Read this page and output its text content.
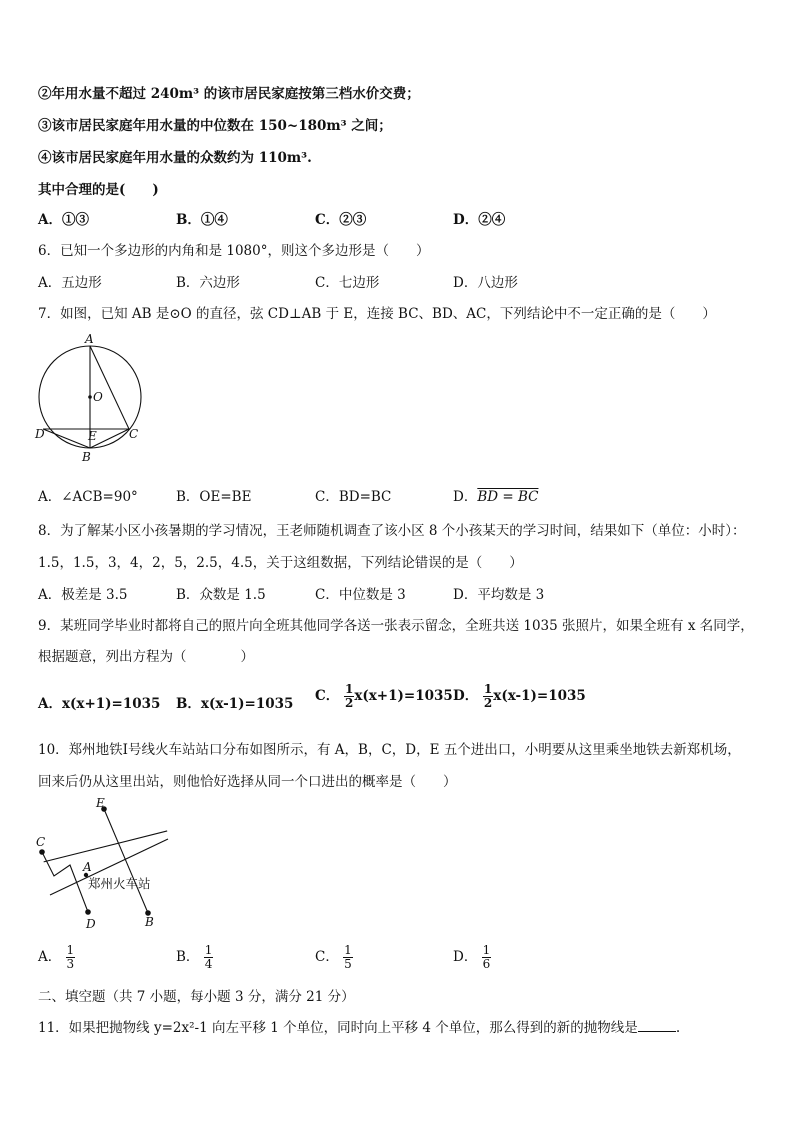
②年用水量不超过 240m³ 的该市居民家庭按第三档水价交费；
③该市居民家庭年用水量的中位数在 150~180m³ 之间；
④该市居民家庭年用水量的众数约为 110m³.
其中合理的是(　　)
A．①③	B．①④	C．②③	D．②④
6．已知一个多边形的内角和是 1080°，则这个多边形是（　　）
A．五边形	B．六边形	C．七边形	D．八边形
7．如图，已知 AB 是⊙O 的直径，弦 CD⊥AB 于 E，连接 BC、BD、AC，下列结论中不一定正确的是（　　）
A
O
D	E	C
B
A．∠ACB=90°	B．OE=BE	C．BD=BC	D．BD = BC
8．为了解某小区小孩暑期的学习情况，王老师随机调查了该小区 8 个小孩某天的学习时间，结果如下（单位：小时）：
1.5，1.5，3，4，2，5，2.5，4.5，关于这组数据，下列结论错误的是（　　）
A．极差是 3.5	B．众数是 1.5	C．中位数是 3	D．平均数是 3
9．某班同学毕业时都将自己的照片向全班其他同学各送一张表示留念，全班共送 1035 张照片，如果全班有 x 名同学，
根据题意，列出方程为（　　　　）
A．x(x+1)=1035 B．x(x-1)=1035 C． $\frac{1}{2} x(x+1)=1035$ D． $\frac{1}{2} x(x-1)=1035$
10．郑州地铁Ⅰ号线火车站站口分布如图所示，有 A，B，C，D，E 五个进出口，小明要从这里乘坐地铁去新郑机场，
回来后仍从这里出站，则他恰好选择从同一个口进出的概率是（　　）
E
C
A
D	B
郑州火车站
A． $\frac{1}{3}$	B． $\frac{1}{4}$	C． $\frac{1}{5}$	D． $\frac{1}{6}$
二、填空题（共 7 小题，每小题 3 分，满分 21 分）
11．如果把抛物线 y=2x²-1 向左平移 1 个单位，同时向上平移 4 个单位，那么得到的新的抛物线是	.
